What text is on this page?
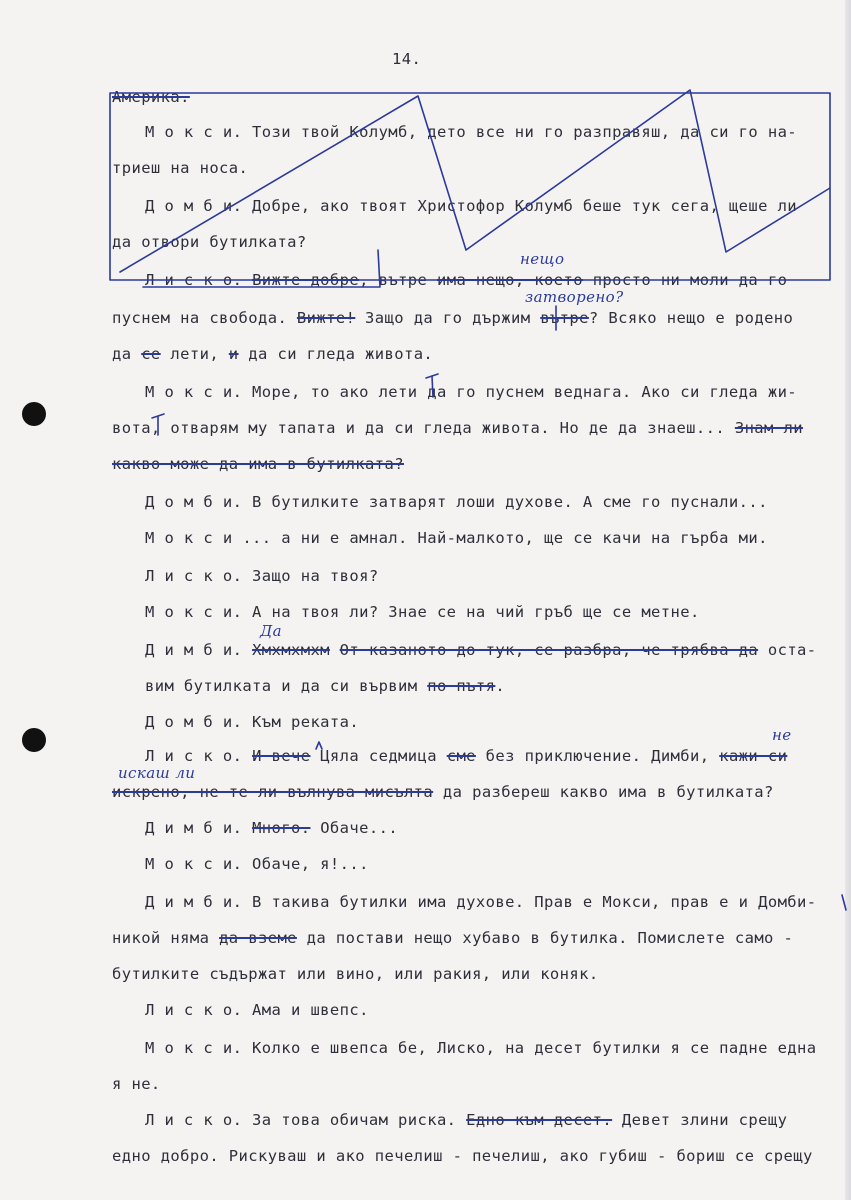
14.
Америка.
М о к с и. Този твой Колумб, дето все ни го разправяш, да си го на-
триеш на носа.
Д о м б и. Добре, ако твоят Христофор Колумб беше тук сега, щеше ли
да отвори бутилката?
Л и с к о. Вижте добре, вътре има нещо, което просто ни моли да го
пуснем на свобода. Вижте! Защо да го държим вътре? Всяко нещо е родено
да се лети, и да си гледа живота.
М о к с и. Море, то ако лети да го пуснем веднага. Ако си гледа жи-
вота, отварям му тапата и да си гледа живота. Но де да знаеш... Знам ли
какво може да има в бутилката?
Д о м б и. В бутилките затварят лоши духове. А сме го пуснали...
М о к с и ... а ни е амнал. Най-малкото, ще се качи на гърба ми.
Л и с к о. Защо на твоя?
М о к с и. А на твоя ли? Знае се на чий гръб ще се метне.
Д и м б и. Хмхмхмхм От казаното до тук, се разбра, че трябва да оста-
вим бутилката и да си вървим по пътя.
Д о м б и. Към реката.
Л и с к о. И вече Цяла седмица сме без приключение. Димби, кажи си
искрено, не те ли вълнува мисълта да разбереш какво има в бутилката?
Д и м б и. Много. Обаче...
М о к с и. Обаче, я!...
Д и м б и. В такива бутилки има духове. Прав е Мокси, прав е и Домби-
никой няма да вземе да постави нещо хубаво в бутилка. Помислете само -
бутилките съдържат или вино, или ракия, или коняк.
Л и с к о. Ама и швепс.
М о к с и. Колко е швепса бе, Лиско, на десет бутилки я се падне една
я не.
Л и с к о. За това обичам риска. Едно към десет. Девет злини срещу
едно добро. Рискуваш и ако печелиш - печелиш, ако губиш - бориш се срещу
нещо
затворено?
Да
не
искаш ли
